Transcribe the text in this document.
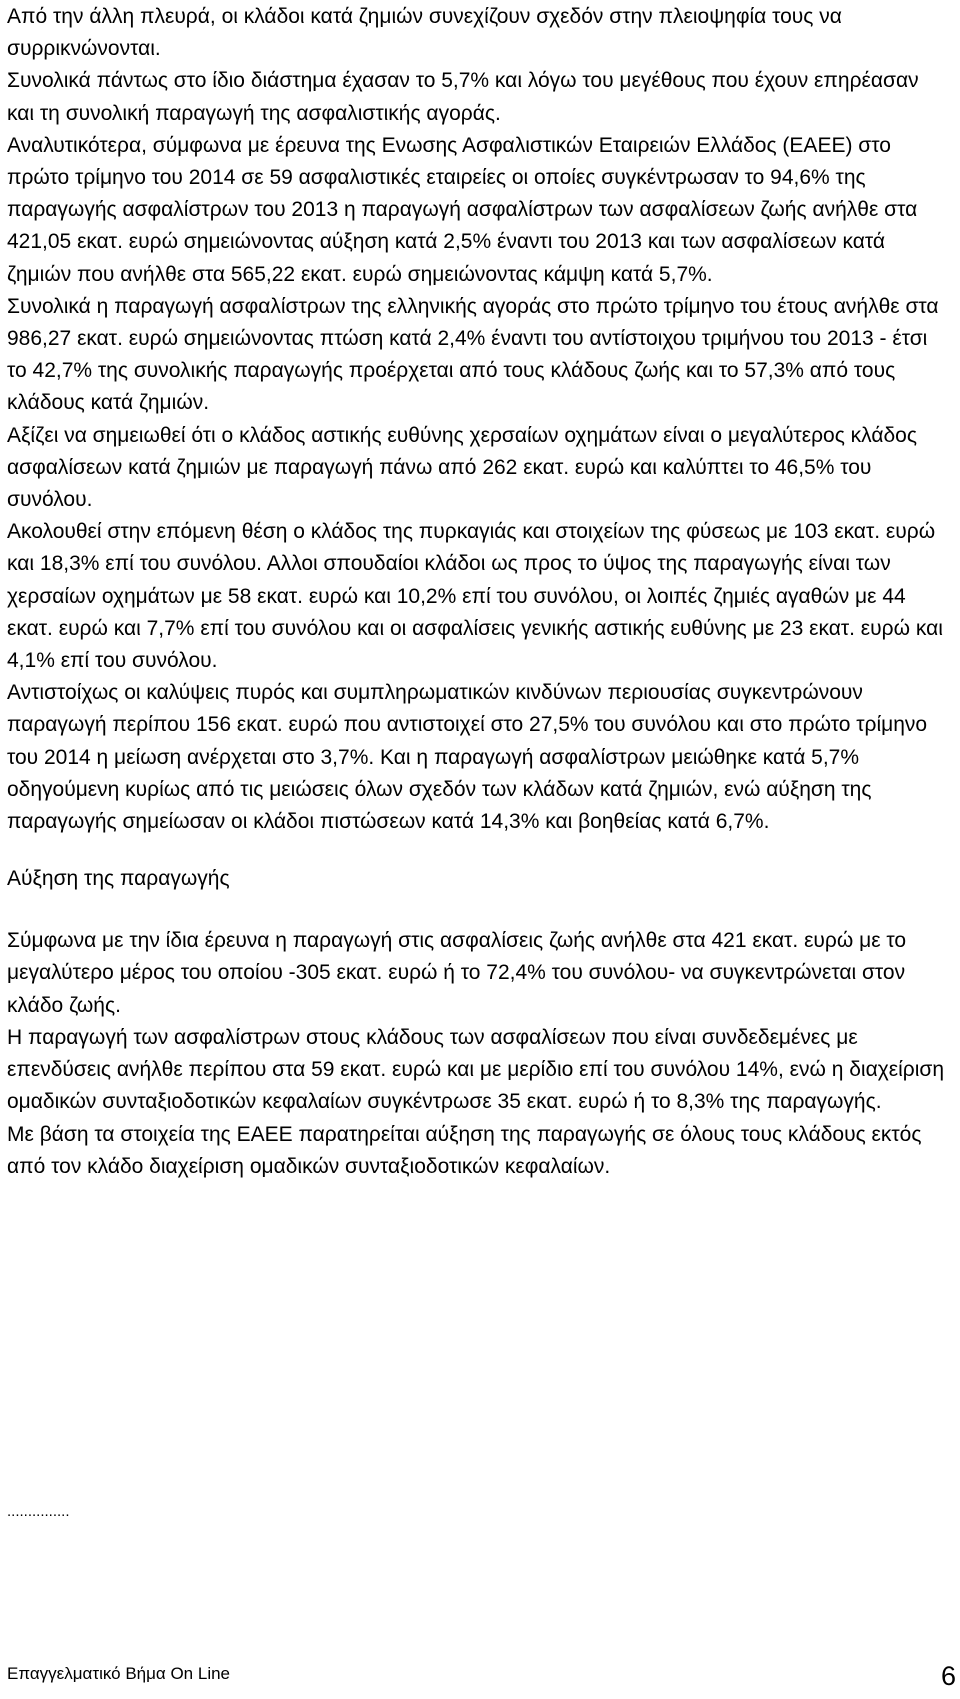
Από την άλλη πλευρά, οι κλάδοι κατά ζημιών συνεχίζουν σχεδόν στην πλειοψηφία τους να συρρικνώνονται.

Συνολικά πάντως στο ίδιο διάστημα έχασαν το 5,7% και λόγω του μεγέθους που έχουν επηρέασαν και τη συνολική παραγωγή της ασφαλιστικής αγοράς.

Αναλυτικότερα, σύμφωνα με έρευνα της Ενωσης Ασφαλιστικών Εταιρειών Ελλάδος (ΕΑΕΕ) στο πρώτο τρίμηνο του 2014 σε 59 ασφαλιστικές εταιρείες οι οποίες συγκέντρωσαν το 94,6% της παραγωγής ασφαλίστρων του 2013 η παραγωγή ασφαλίστρων των ασφαλίσεων ζωής ανήλθε στα 421,05 εκατ. ευρώ σημειώνοντας αύξηση κατά 2,5% έναντι του 2013 και των ασφαλίσεων κατά ζημιών που ανήλθε στα 565,22 εκατ. ευρώ σημειώνοντας κάμψη κατά 5,7%.

Συνολικά η παραγωγή ασφαλίστρων της ελληνικής αγοράς στο πρώτο τρίμηνο του έτους ανήλθε στα 986,27 εκατ. ευρώ σημειώνοντας πτώση κατά 2,4% έναντι του αντίστοιχου τριμήνου του 2013 - έτσι το 42,7% της συνολικής παραγωγής προέρχεται από τους κλάδους ζωής και το 57,3% από τους κλάδους κατά ζημιών.

Αξίζει να σημειωθεί ότι ο κλάδος αστικής ευθύνης χερσαίων οχημάτων είναι ο μεγαλύτερος κλάδος ασφαλίσεων κατά ζημιών με παραγωγή πάνω από 262 εκατ. ευρώ και καλύπτει το 46,5% του συνόλου.

Ακολουθεί στην επόμενη θέση ο κλάδος της πυρκαγιάς και στοιχείων της φύσεως με 103 εκατ. ευρώ και 18,3% επί του συνόλου. Αλλοι σπουδαίοι κλάδοι ως προς το ύψος της παραγωγής είναι των χερσαίων οχημάτων με 58 εκατ. ευρώ και 10,2% επί του συνόλου, οι λοιπές ζημιές αγαθών με 44 εκατ. ευρώ και 7,7% επί του συνόλου και οι ασφαλίσεις γενικής αστικής ευθύνης με 23 εκατ. ευρώ και 4,1% επί του συνόλου.

Αντιστοίχως οι καλύψεις πυρός και συμπληρωματικών κινδύνων περιουσίας συγκεντρώνουν παραγωγή περίπου 156 εκατ. ευρώ που αντιστοιχεί στο 27,5% του συνόλου και στο πρώτο τρίμηνο του 2014 η μείωση ανέρχεται στο 3,7%. Και η παραγωγή ασφαλίστρων μειώθηκε κατά 5,7% οδηγούμενη κυρίως από τις μειώσεις όλων σχεδόν των κλάδων κατά ζημιών, ενώ αύξηση της παραγωγής σημείωσαν οι κλάδοι πιστώσεων κατά 14,3% και βοηθείας κατά 6,7%.

Αύξηση της παραγωγής

Σύμφωνα με την ίδια έρευνα η παραγωγή στις ασφαλίσεις ζωής ανήλθε στα 421 εκατ. ευρώ με το μεγαλύτερο μέρος του οποίου -305 εκατ. ευρώ ή το 72,4% του συνόλου- να συγκεντρώνεται στον κλάδο ζωής.

Η παραγωγή των ασφαλίστρων στους κλάδους των ασφαλίσεων που είναι συνδεδεμένες με επενδύσεις ανήλθε περίπου στα 59 εκατ. ευρώ και με μερίδιο επί του συνόλου 14%, ενώ η διαχείριση ομαδικών συνταξιοδοτικών κεφαλαίων συγκέντρωσε 35 εκατ. ευρώ ή το 8,3% της παραγωγής.

Με βάση τα στοιχεία της ΕΑΕΕ παρατηρείται αύξηση της παραγωγής σε όλους τους κλάδους εκτός από τον κλάδο διαχείριση ομαδικών συνταξιοδοτικών κεφαλαίων.

...............
Επαγγελματικό Βήμα On Line	6
